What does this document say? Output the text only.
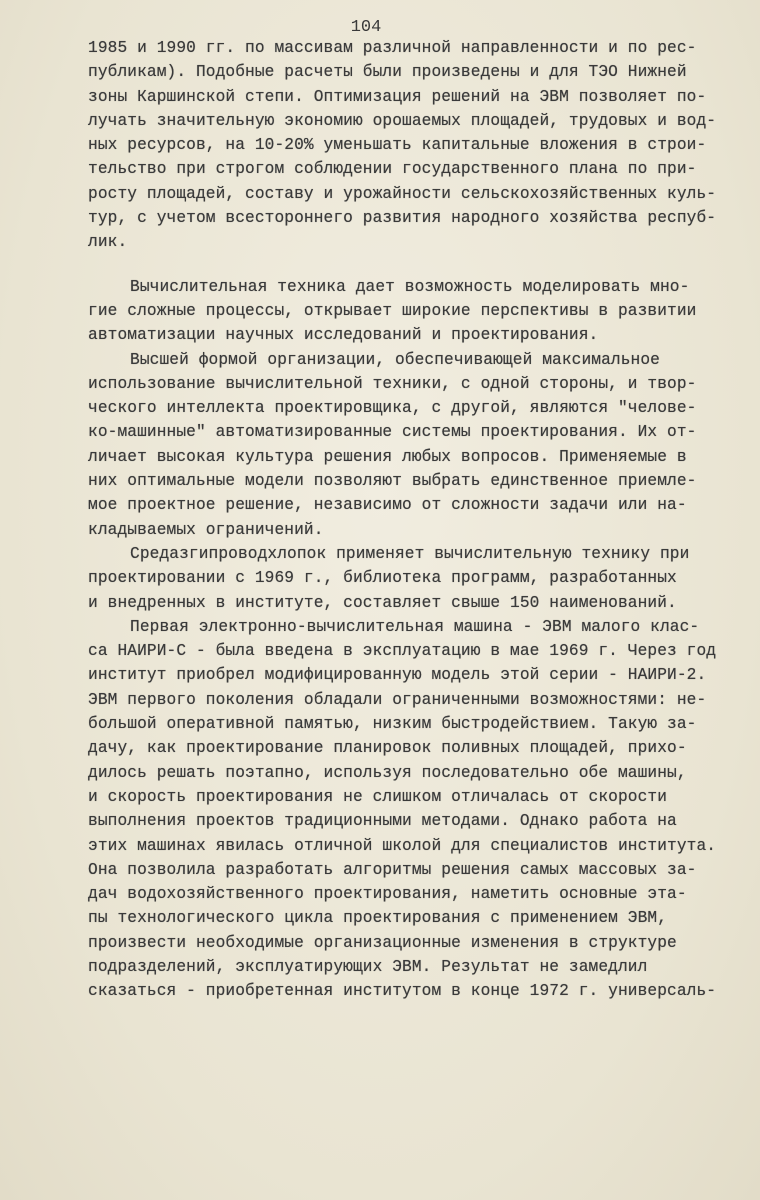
104
1985 и 1990 гг. по массивам различной направленности и по рес-
публикам). Подобные расчеты были произведены и для ТЭО Нижней
зоны Каршинской степи. Оптимизация решений на ЭВМ позволяет по-
лучать значительную экономию орошаемых площадей, трудовых и вод-
ных ресурсов, на 10-20% уменьшать капитальные вложения в строи-
тельство при строгом соблюдении государственного плана по при-
росту площадей, составу и урожайности сельскохозяйственных куль-
тур, с учетом всестороннего развития народного хозяйства респуб-
лик.
Вычислительная техника дает возможность моделировать мно-
гие сложные процессы, открывает широкие перспективы в развитии
автоматизации научных исследований и проектирования.
Высшей формой организации, обеспечивающей максимальное
использование вычислительной техники, с одной стороны, и твор-
ческого интеллекта проектировщика, с другой, являются "челове-
ко-машинные" автоматизированные системы проектирования. Их от-
личает высокая культура решения любых вопросов. Применяемые в
них оптимальные модели позволяют выбрать единственное приемле-
мое проектное решение, независимо от сложности задачи или на-
кладываемых ограничений.
Средазгипроводхлопок применяет вычислительную технику при
проектировании с 1969 г., библиотека программ, разработанных
и внедренных в институте, составляет свыше 150 наименований.
Первая электронно-вычислительная машина - ЭВМ малого клас-
са НАИРИ-С - была введена в эксплуатацию в мае 1969 г. Через год
институт приобрел модифицированную модель этой серии - НАИРИ-2.
ЭВМ первого поколения обладали ограниченными возможностями: не-
большой оперативной памятью, низким быстродействием. Такую за-
дачу, как проектирование планировок поливных площадей, прихо-
дилось решать поэтапно, используя последовательно обе машины,
и скорость проектирования не слишком отличалась от скорости
выполнения проектов традиционными методами. Однако работа на
этих машинах явилась отличной школой для специалистов института.
Она позволила разработать алгоритмы решения самых массовых за-
дач водохозяйственного проектирования, наметить основные эта-
пы технологического цикла проектирования с применением ЭВМ,
произвести необходимые организационные изменения в структуре
подразделений, эксплуатирующих ЭВМ. Результат не замедлил
сказаться - приобретенная институтом в конце 1972 г. универсаль-
